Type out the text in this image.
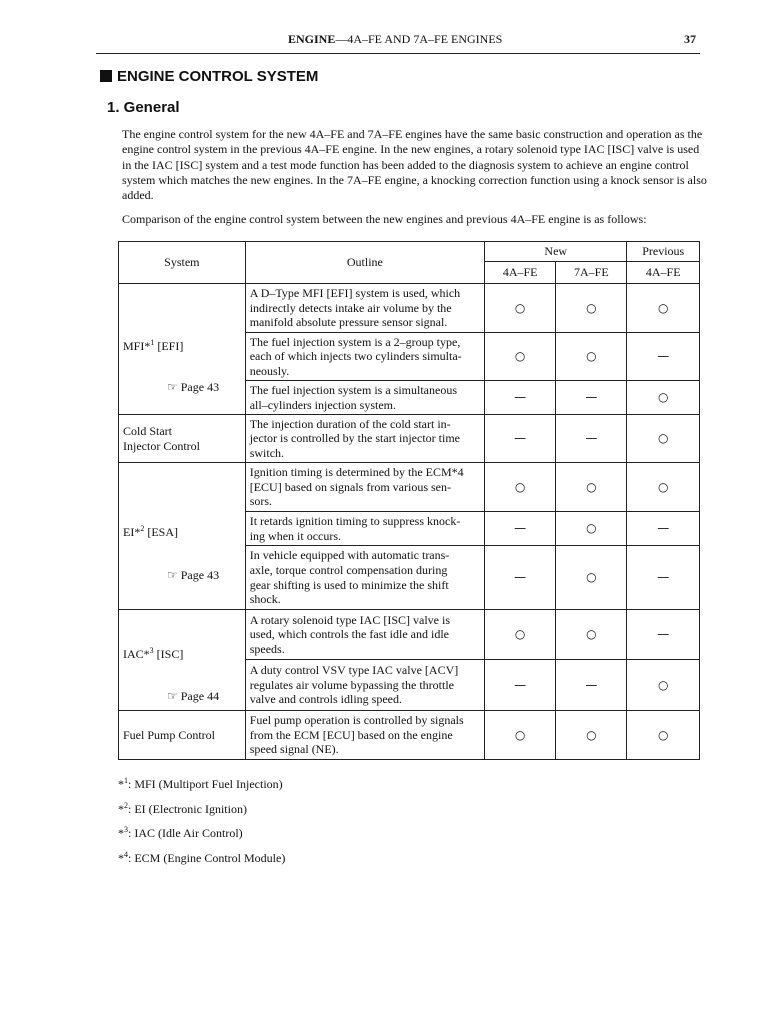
ENGINE—4A–FE AND 7A–FE ENGINES	37
ENGINE CONTROL SYSTEM
1. General
The engine control system for the new 4A–FE and 7A–FE engines have the same basic construction and operation as the engine control system in the previous 4A–FE engine. In the new engines, a rotary solenoid type IAC [ISC] valve is used in the IAC [ISC] system and a test mode function has been added to the diagnosis system to achieve an engine control system which matches the new engines. In the 7A–FE engine, a knocking correction function using a knock sensor is also added.
Comparison of the engine control system between the new engines and previous 4A–FE engine is as follows:
System	Outline	New		Previous
		4A–FE	7A–FE	4A–FE

MFI*$^1$ [EFI]
☞ Page 43	A D–Type MFI [EFI] system is used, which
indirectly detects intake air volume by the
manifold absolute pressure sensor signal.	○	○	○
	The fuel injection system is a 2–group type,
each of which injects two cylinders simulta-
neously.	○	○	—
	The fuel injection system is a simultaneous
all–cylinders injection system.	—	—	○
Cold Start
Injector Control	The injection duration of the cold start in-
jector is controlled by the start injector time
switch.	—	—	○

EI*$^2$ [ESA]
☞ Page 43	Ignition timing is determined by the ECM*4
[ECU] based on signals from various sen-
sors.	○	○	○
	It retards ignition timing to suppress knock-
ing when it occurs.	—	○	—
	In vehicle equipped with automatic trans-
axle, torque control compensation during
gear shifting is used to minimize the shift
shock.	—	○	—

IAC*$^3$ [ISC]
☞ Page 44	A rotary solenoid type IAC [ISC] valve is
used, which controls the fast idle and idle
speeds.	○	○	—
	A duty control VSV type IAC valve [ACV]
regulates air volume bypassing the throttle
valve and controls idling speed.	—	—	○
Fuel Pump Control	Fuel pump operation is controlled by signals
from the ECM [ECU] based on the engine
speed signal (NE).	○	○	○
*$^1$: MFI (Multiport Fuel Injection)
*$^2$: EI (Electronic Ignition)
*$^3$: IAC (Idle Air Control)
*$^4$: ECM (Engine Control Module)
